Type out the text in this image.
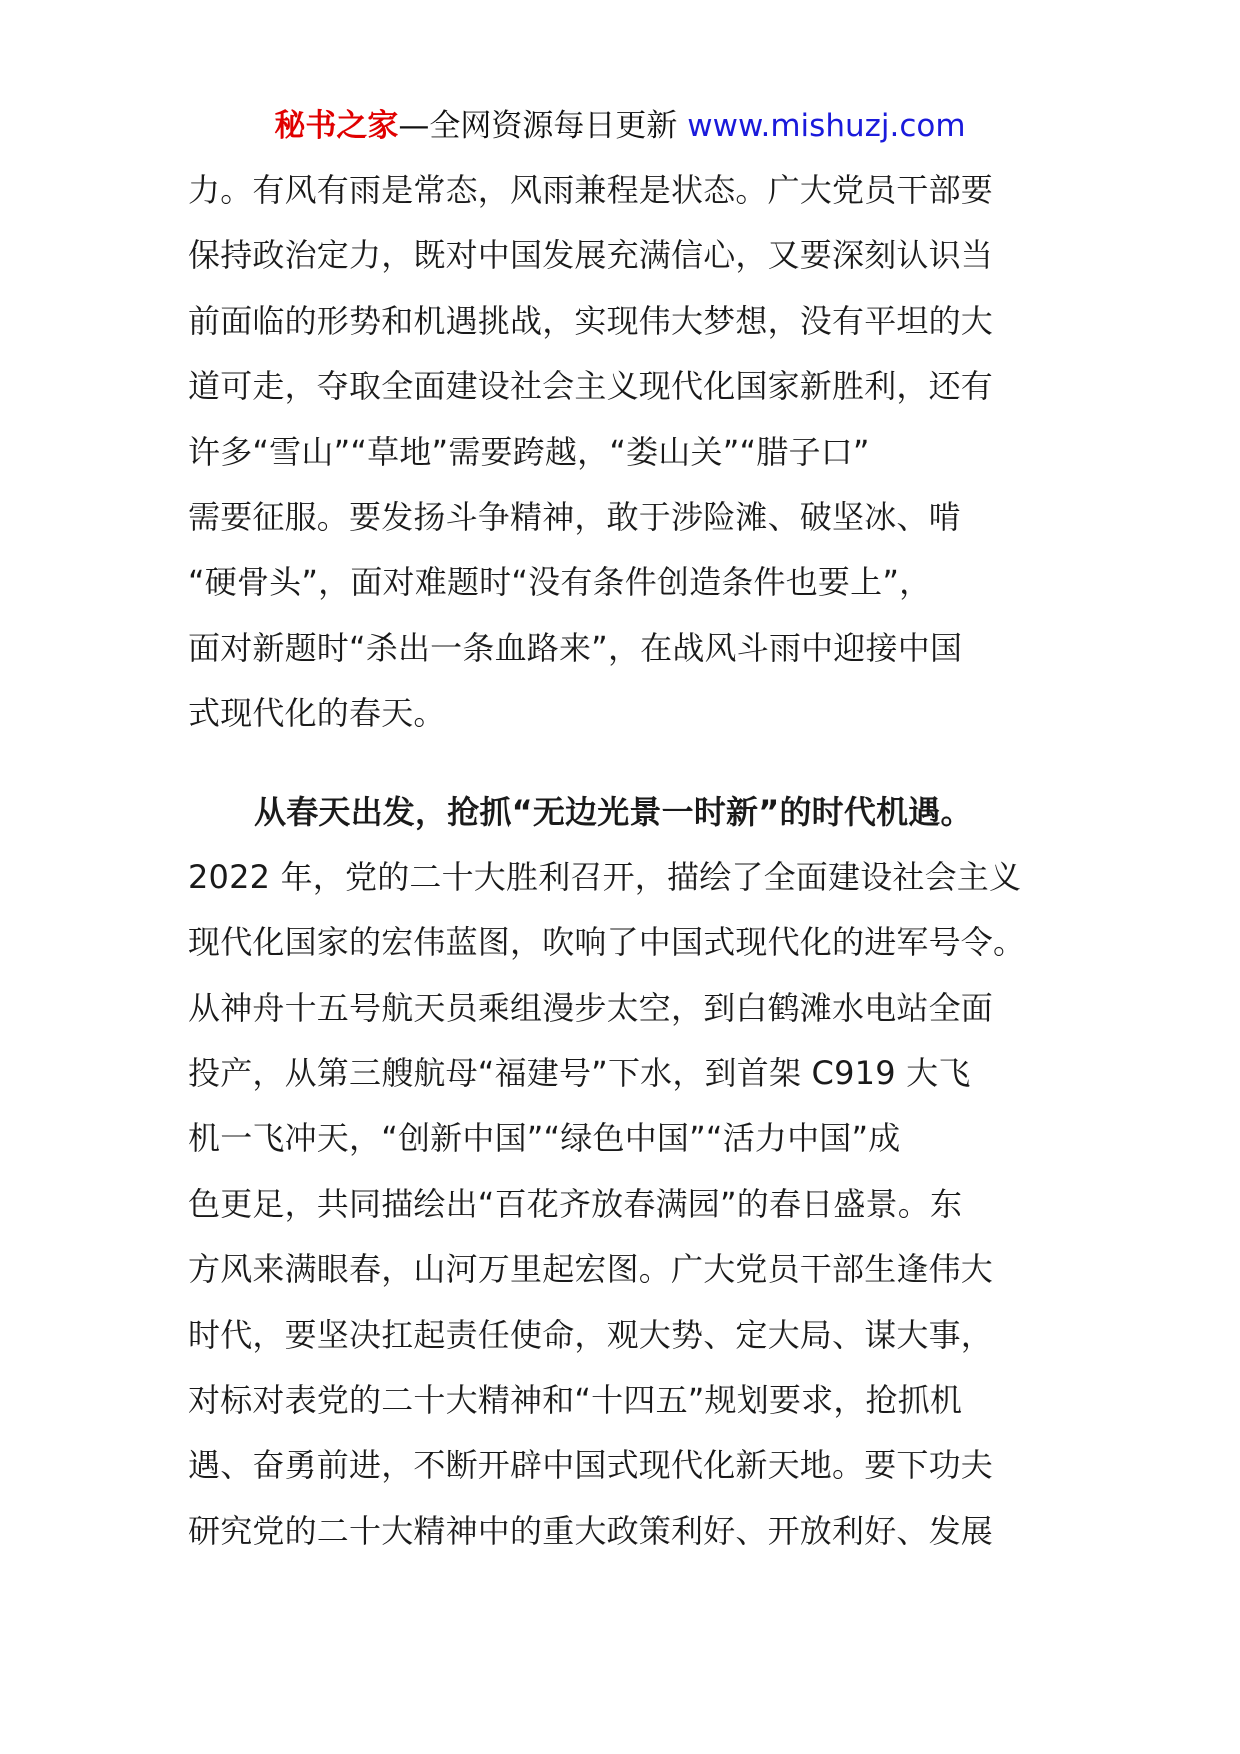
秘书之家—全网资源每日更新 www.mishuzj.com
力。有风有雨是常态，风雨兼程是状态。广大党员干部要
保持政治定力，既对中国发展充满信心，又要深刻认识当
前面临的形势和机遇挑战，实现伟大梦想，没有平坦的大
道可走，夺取全面建设社会主义现代化国家新胜利，还有
许多“雪山”“草地”需要跨越，“娄山关”“腊子口”
需要征服。要发扬斗争精神，敢于涉险滩、破坚冰、啃
“硬骨头”，面对难题时“没有条件创造条件也要上”，
面对新题时“杀出一条血路来”，在战风斗雨中迎接中国
式现代化的春天。
从春天出发，抢抓“无边光景一时新”的时代机遇。
2022 年，党的二十大胜利召开，描绘了全面建设社会主义
现代化国家的宏伟蓝图，吹响了中国式现代化的进军号令。
从神舟十五号航天员乘组漫步太空，到白鹤滩水电站全面
投产，从第三艘航母“福建号”下水，到首架 C919 大飞
机一飞冲天，“创新中国”“绿色中国”“活力中国”成
色更足，共同描绘出“百花齐放春满园”的春日盛景。东
方风来满眼春，山河万里起宏图。广大党员干部生逢伟大
时代，要坚决扛起责任使命，观大势、定大局、谋大事，
对标对表党的二十大精神和“十四五”规划要求，抢抓机
遇、奋勇前进，不断开辟中国式现代化新天地。要下功夫
研究党的二十大精神中的重大政策利好、开放利好、发展
